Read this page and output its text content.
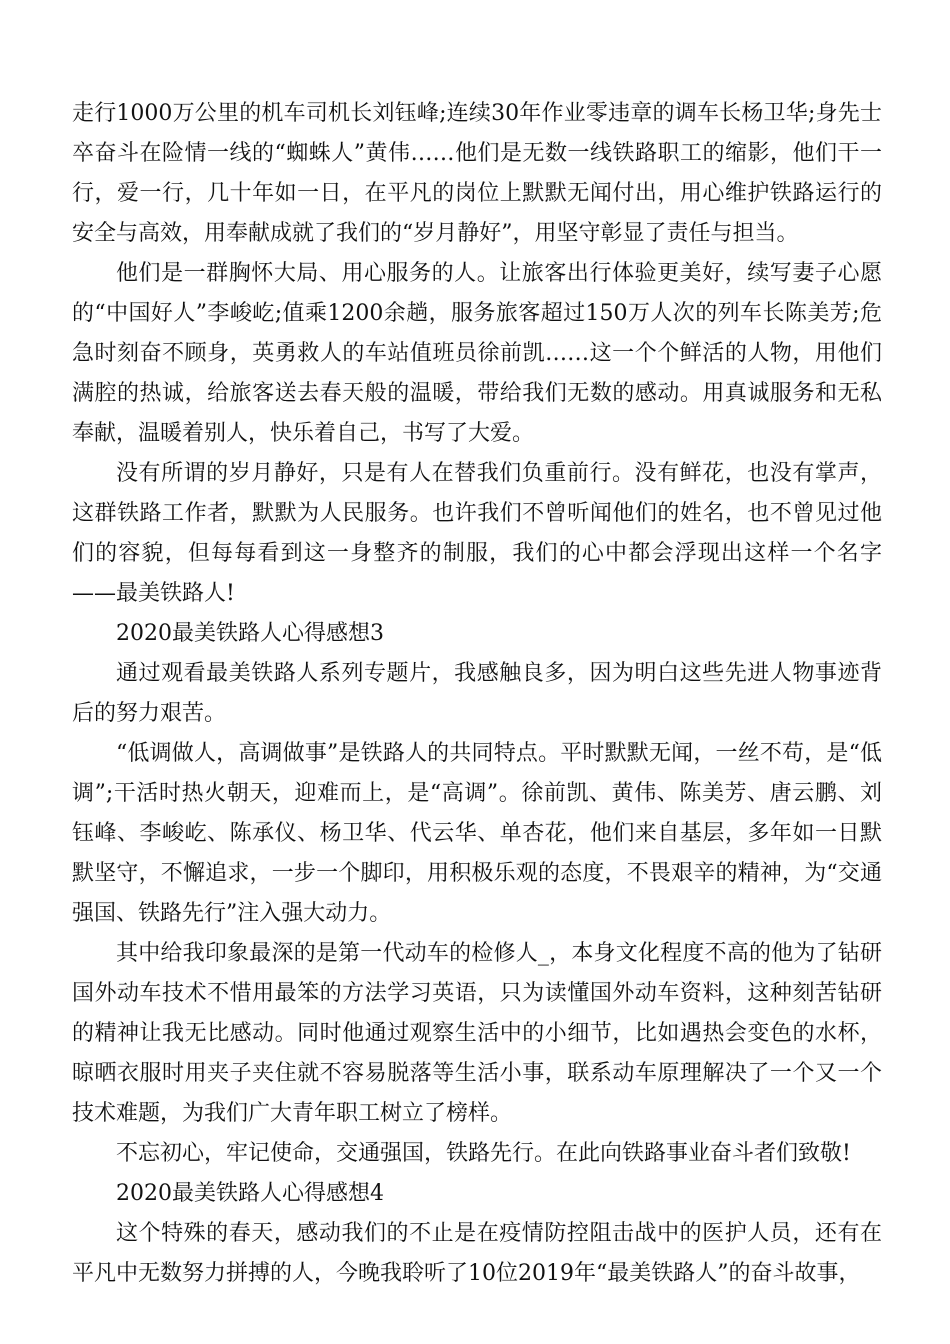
走行1000万公里的机车司机长刘钰峰;连续30年作业零违章的调车长杨卫华;身先士卒奋斗在险情一线的“蜘蛛人”黄伟……他们是无数一线铁路职工的缩影，他们干一行，爱一行，几十年如一日，在平凡的岗位上默默无闻付出，用心维护铁路运行的安全与高效，用奉献成就了我们的“岁月静好”，用坚守彰显了责任与担当。

他们是一群胸怀大局、用心服务的人。让旅客出行体验更美好，续写妻子心愿的“中国好人”李峻屹;值乘1200余趟，服务旅客超过150万人次的列车长陈美芳;危急时刻奋不顾身，英勇救人的车站值班员徐前凯……这一个个鲜活的人物，用他们满腔的热诚，给旅客送去春天般的温暖，带给我们无数的感动。用真诚服务和无私奉献，温暖着别人，快乐着自己，书写了大爱。

没有所谓的岁月静好，只是有人在替我们负重前行。没有鲜花，也没有掌声，这群铁路工作者，默默为人民服务。也许我们不曾听闻他们的姓名，也不曾见过他们的容貌，但每每看到这一身整齐的制服，我们的心中都会浮现出这样一个名字——最美铁路人!

2020最美铁路人心得感想3

通过观看最美铁路人系列专题片，我感触良多，因为明白这些先进人物事迹背后的努力艰苦。

“低调做人，高调做事”是铁路人的共同特点。平时默默无闻，一丝不苟，是“低调”;干活时热火朝天，迎难而上，是“高调”。徐前凯、黄伟、陈美芳、唐云鹏、刘钰峰、李峻屹、陈承仪、杨卫华、代云华、单杏花，他们来自基层，多年如一日默默坚守，不懈追求，一步一个脚印，用积极乐观的态度，不畏艰辛的精神，为“交通强国、铁路先行”注入强大动力。

其中给我印象最深的是第一代动车的检修人_，本身文化程度不高的他为了钻研国外动车技术不惜用最笨的方法学习英语，只为读懂国外动车资料，这种刻苦钻研的精神让我无比感动。同时他通过观察生活中的小细节，比如遇热会变色的水杯，晾晒衣服时用夹子夹住就不容易脱落等生活小事，联系动车原理解决了一个又一个技术难题，为我们广大青年职工树立了榜样。

不忘初心，牢记使命，交通强国，铁路先行。在此向铁路事业奋斗者们致敬!

2020最美铁路人心得感想4

这个特殊的春天，感动我们的不止是在疫情防控阻击战中的医护人员，还有在平凡中无数努力拼搏的人，今晚我聆听了10位2019年“最美铁路人”的奋斗故事，
